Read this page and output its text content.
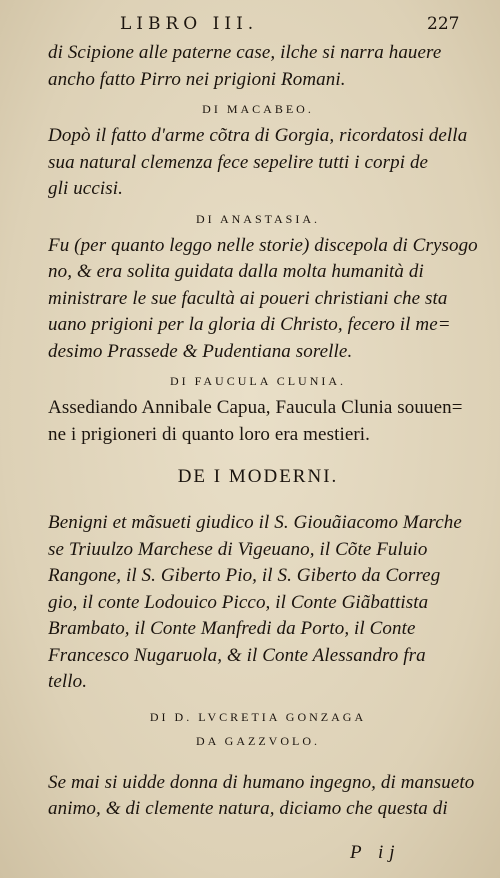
LIBRO III.	227
di Scipione alle paterne case, ilche si narra hauere
ancho fatto Pirro nei prigioni Romani.
DI MACABEO.
Dopò il fatto d'arme cõtra di Gorgia, ricordatosi della
sua natural clemenza fece sepelire tutti i corpi de
gli uccisi.
DI ANASTASIA.
Fu (per quanto leggo nelle storie) discepola di Crysogo
no, & era solita guidata dalla molta humanità di
ministrare le sue facultà ai poueri christiani che sta
uano prigioni per la gloria di Christo, fecero il me=
desimo Prassede & Pudentiana sorelle.
DI FAUCULA CLUNIA.
Assediando Annibale Capua, Faucula Clunia souuen=
ne i prigioneri di quanto loro era mestieri.
DE I MODERNI.
Benigni et mãsueti giudico il S. Giouãiacomo Marche
se Triuulzo Marchese di Vigeuano, il Cõte Fuluio
Rangone, il S. Giberto Pio, il S. Giberto da Correg
gio, il conte Lodouico Picco, il Conte Giãbattista
Brambato, il Conte Manfredi da Porto, il Conte
Francesco Nugaruola, & il Conte Alessandro fra
tello.
DI D. LVCRETIA GONZAGA
DA GAZZVOLO.
Se mai si uidde donna di humano ingegno, di mansueto
animo, & di clemente natura, diciamo che questa di
P ij
